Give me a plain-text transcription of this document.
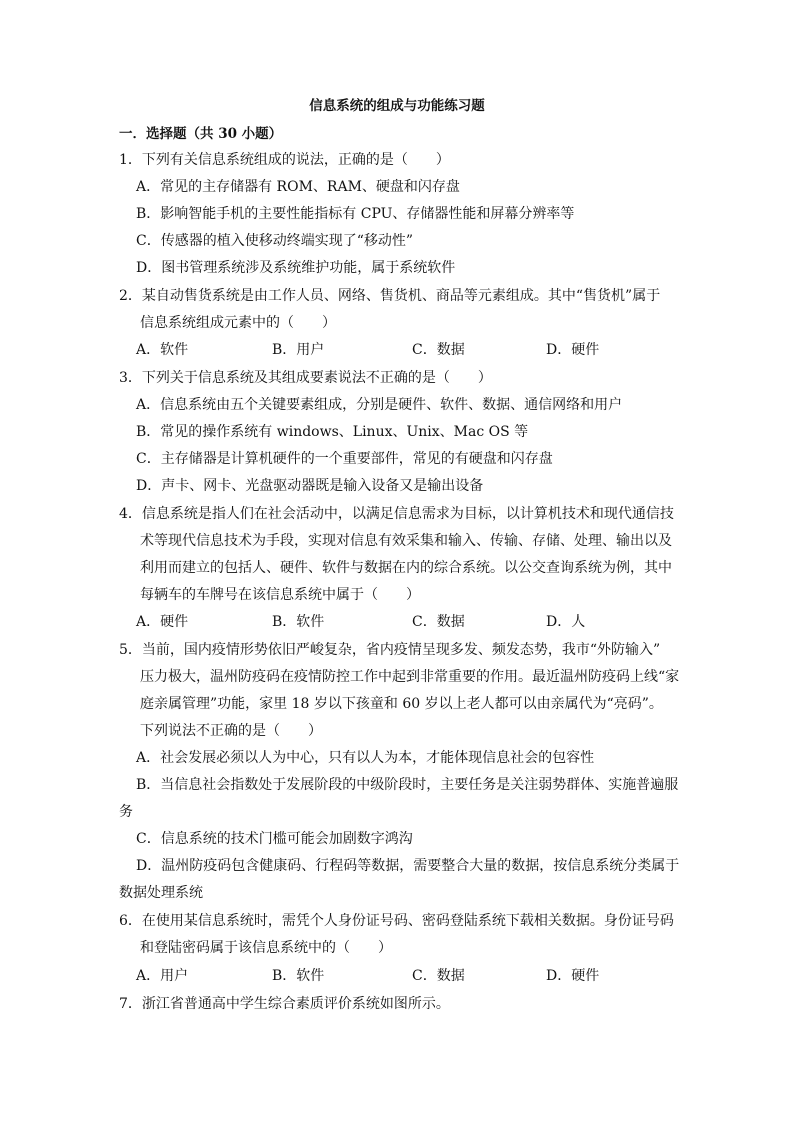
信息系统的组成与功能练习题
一．选择题（共 30 小题）
1．下列有关信息系统组成的说法，正确的是（　　）
A．常见的主存储器有 ROM、RAM、硬盘和闪存盘
B．影响智能手机的主要性能指标有 CPU、存储器性能和屏幕分辨率等
C．传感器的植入使移动终端实现了“移动性”
D．图书管理系统涉及系统维护功能，属于系统软件
2．某自动售货系统是由工作人员、网络、售货机、商品等元素组成。其中“售货机”属于
信息系统组成元素中的（　　）
A．软件	B．用户	C．数据	D．硬件
3．下列关于信息系统及其组成要素说法不正确的是（　　）
A．信息系统由五个关键要素组成，分别是硬件、软件、数据、通信网络和用户
B．常见的操作系统有 windows、Linux、Unix、Mac OS 等
C．主存储器是计算机硬件的一个重要部件，常见的有硬盘和闪存盘
D．声卡、网卡、光盘驱动器既是输入设备又是输出设备
4．信息系统是指人们在社会活动中，以满足信息需求为目标，以计算机技术和现代通信技
术等现代信息技术为手段，实现对信息有效采集和输入、传输、存储、处理、输出以及
利用而建立的包括人、硬件、软件与数据在内的综合系统。以公交查询系统为例，其中
每辆车的车牌号在该信息系统中属于（　　）
A．硬件	B．软件	C．数据	D．人
5．当前，国内疫情形势依旧严峻复杂，省内疫情呈现多发、频发态势，我市“外防输入”
压力极大，温州防疫码在疫情防控工作中起到非常重要的作用。最近温州防疫码上线“家
庭亲属管理”功能，家里 18 岁以下孩童和 60 岁以上老人都可以由亲属代为“亮码”。
下列说法不正确的是（　　）
A．社会发展必须以人为中心，只有以人为本，才能体现信息社会的包容性
B．当信息社会指数处于发展阶段的中级阶段时，主要任务是关注弱势群体、实施普遍服
务
C．信息系统的技术门槛可能会加剧数字鸿沟
D．温州防疫码包含健康码、行程码等数据，需要整合大量的数据，按信息系统分类属于
数据处理系统
6．在使用某信息系统时，需凭个人身份证号码、密码登陆系统下载相关数据。身份证号码
和登陆密码属于该信息系统中的（　　）
A．用户	B．软件	C．数据	D．硬件
7．浙江省普通高中学生综合素质评价系统如图所示。
